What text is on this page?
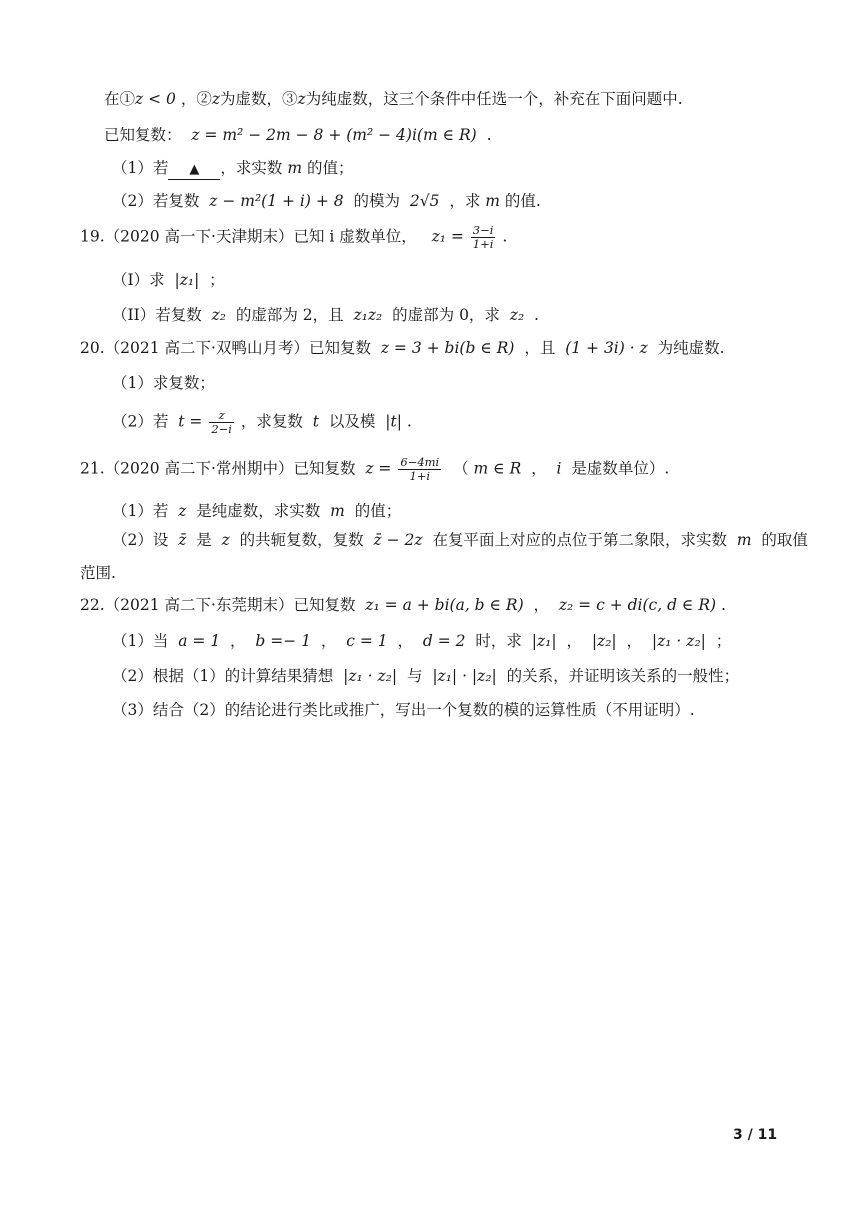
在①z < 0 ，②z为虚数，③z为纯虚数，这三个条件中任选一个，补充在下面问题中.
已知复数： z = m² − 2m − 8 + (m² − 4)i(m ∈ R) .
（1）若 ▲ ，求实数 m 的值；
（2）若复数 z − m²(1 + i) + 8 的模为 2√5 ，求 m 的值.
19.（2020 高一下·天津期末）已知 i 虚数单位， $z_1 = \frac{3-i}{1+i}$ .
（I）求 |z₁| ；
（II）若复数 z₂ 的虚部为 2，且 z₁z₂ 的虚部为 0，求 z₂ .
20.（2021 高二下·双鸭山月考）已知复数 z = 3 + bi(b ∈ R) ，且 (1 + 3i) · z 为纯虚数.
（1）求复数；
（2）若 $t = \frac{z}{2-i}$ ，求复数 t 以及模 |t| .
21.（2020 高二下·常州期中）已知复数 $z = \frac{6-4mi}{1+i}$ （ m ∈ R ， i 是虚数单位）.
（1）若 z 是纯虚数，求实数 m 的值；
（2）设 z̄ 是 z 的共轭复数，复数 z̄ − 2z 在复平面上对应的点位于第二象限，求实数 m 的取值
范围.
22.（2021 高二下·东莞期末）已知复数 z₁ = a + bi(a, b ∈ R) ， z₂ = c + di(c, d ∈ R) .
（1）当 a = 1 ， b =− 1 ， c = 1 ， d = 2 时，求 |z₁| ， |z₂| ， |z₁ · z₂| ；
（2）根据（1）的计算结果猜想 |z₁ · z₂| 与 |z₁| · |z₂| 的关系，并证明该关系的一般性；
（3）结合（2）的结论进行类比或推广，写出一个复数的模的运算性质（不用证明）.
3 / 11
